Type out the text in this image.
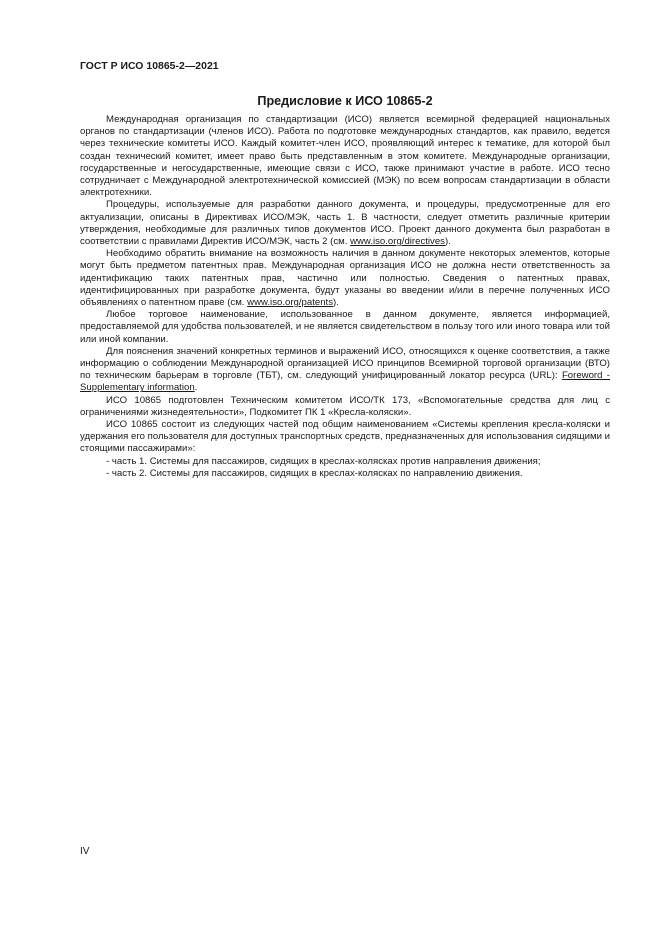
ГОСТ Р ИСО 10865-2—2021
Предисловие к ИСО 10865-2

Международная организация по стандартизации (ИСО) является всемирной федерацией национальных органов по стандартизации (членов ИСО). Работа по подготовке международных стандартов, как правило, ведется через технические комитеты ИСО. Каждый комитет-член ИСО, проявляющий интерес к тематике, для которой был создан технический комитет, имеет право быть представленным в этом комитете. Международные организации, государственные и негосударственные, имеющие связи с ИСО, также принимают участие в работе. ИСО тесно сотрудничает с Международной электротехнической комиссией (МЭК) по всем вопросам стандартизации в области электротехники.

Процедуры, используемые для разработки данного документа, и процедуры, предусмотренные для его актуализации, описаны в Директивах ИСО/МЭК, часть 1. В частности, следует отметить различные критерии утверждения, необходимые для различных типов документов ИСО. Проект данного документа был разработан в соответствии с правилами Директив ИСО/МЭК, часть 2 (см. www.iso.org/directives).

Необходимо обратить внимание на возможность наличия в данном документе некоторых элементов, которые могут быть предметом патентных прав. Международная организация ИСО не должна нести ответственность за идентификацию таких патентных прав, частично или полностью. Сведения о патентных правах, идентифицированных при разработке документа, будут указаны во введении и/или в перечне полученных ИСО объявлениях о патентном праве (см. www.iso.org/patents).

Любое торговое наименование, использованное в данном документе, является информацией, предоставляемой для удобства пользователей, и не является свидетельством в пользу того или иного товара или той или иной компании.

Для пояснения значений конкретных терминов и выражений ИСО, относящихся к оценке соответствия, а также информацию о соблюдении Международной организацией ИСО принципов Всемирной торговой организации (ВТО) по техническим барьерам в торговле (ТБТ), см. следующий унифицированный локатор ресурса (URL): Foreword - Supplementary information.

ИСО 10865 подготовлен Техническим комитетом ИСО/ТК 173, «Вспомогательные средства для лиц с ограничениями жизнедеятельности», Подкомитет ПК 1 «Кресла-коляски».

ИСО 10865 состоит из следующих частей под общим наименованием «Системы крепления кресла-коляски и удержания его пользователя для доступных транспортных средств, предназначенных для использования сидящими и стоящими пассажирами»:

- часть 1. Системы для пассажиров, сидящих в креслах-колясках против направления движения;

- часть 2. Системы для пассажиров, сидящих в креслах-колясках по направлению движения.

IV
